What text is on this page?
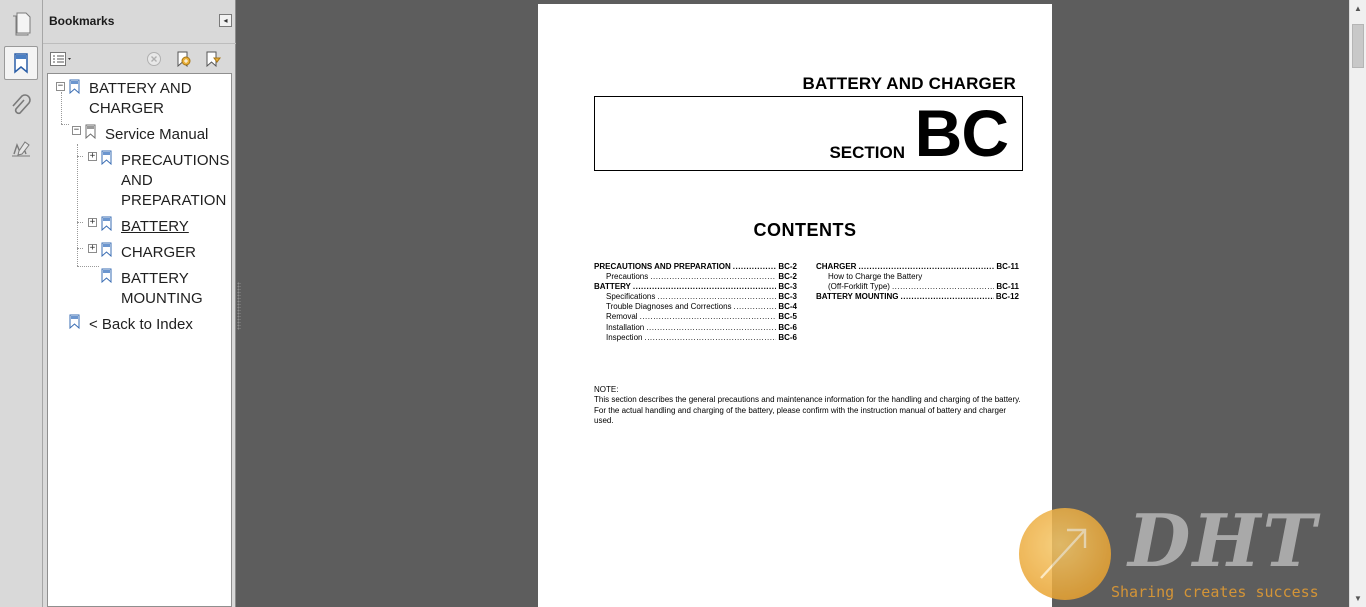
Bookmarks	◂
− BATTERY AND
CHARGER
− Service Manual
+ PRECAUTIONS
AND
PREPARATION
+ BATTERY
+ CHARGER
BATTERY
MOUNTING
< Back to Index
BATTERY AND CHARGER
SECTION BC
CONTENTS
PRECAUTIONS AND PREPARATION .....	BC-2
Precautions .....	BC-2
BATTERY .....	BC-3
Specifications .....	BC-3
Trouble Diagnoses and Corrections .....	BC-4
Removal .....	BC-5
Installation .....	BC-6
Inspection .....	BC-6
CHARGER .....	BC-11
How to Charge the Battery
(Off-Forklift Type) .....	BC-11
BATTERY MOUNTING .....	BC-12
NOTE:
This section describes the general precautions and maintenance information for the handling and charging of the battery.
For the actual handling and charging of the battery, please confirm with the instruction manual of battery and charger used.
▲
▼
DHT
Sharing creates success
